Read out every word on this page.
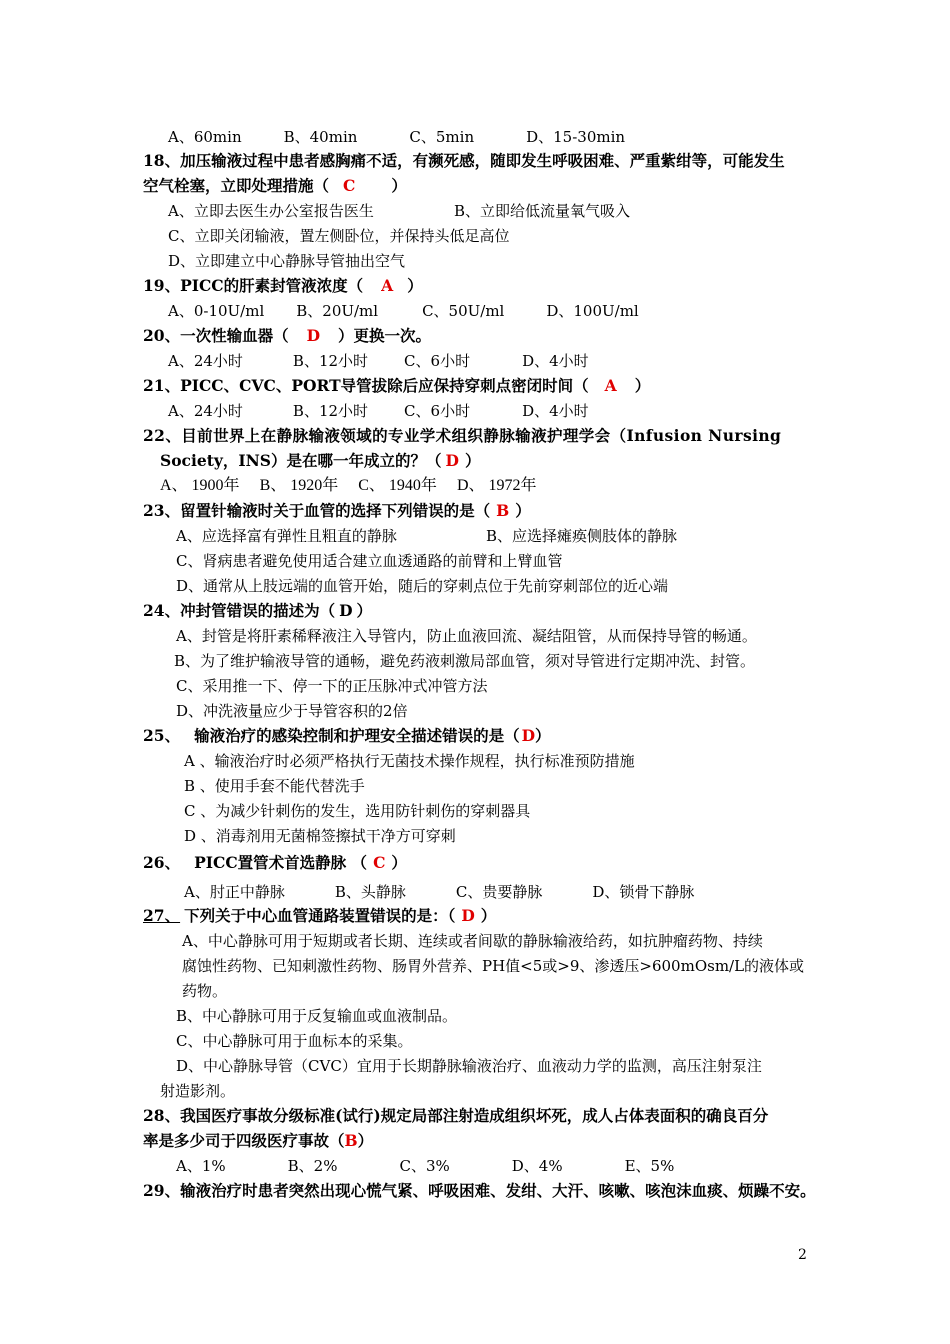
A、60min	B、40min	C、5min	D、15-30min
18、加压输液过程中患者感胸痛不适，有濒死感，随即发生呼吸困难、严重紫绀等，可能发生
空气栓塞，立即处理措施（ C ）
A、立即去医生办公室报告医生	B、立即给低流量氧气吸入
C、立即关闭输液，置左侧卧位，并保持头低足高位
D、立即建立中心静脉导管抽出空气
19、PICC的肝素封管液浓度（ A ）
A、0-10U/ml B、20U/ml	C、50U/ml	D、100U/ml
20、一次性输血器（ D ）更换一次。
A、24小时	B、12小时 C、6小时	D、4小时
21、PICC、CVC、PORT导管拔除后应保持穿刺点密闭时间（ A ）
A、24小时	B、12小时 C、6小时	D、4小时
22、目前世界上在静脉输液领域的专业学术组织静脉输液护理学会（Infusion Nursing
Society，INS）是在哪一年成立的？（ D ）
A、 1900年 B、 1920年 C、 1940年 D、 1972年
23、留置针输液时关于血管的选择下列错误的是（ B ）
A、应选择富有弹性且粗直的静脉	B、应选择瘫痪侧肢体的静脉
C、肾病患者避免使用适合建立血透通路的前臂和上臂血管
D、通常从上肢远端的血管开始，随后的穿刺点位于先前穿刺部位的近心端
24、冲封管错误的描述为（ D ）
A、封管是将肝素稀释液注入导管内，防止血液回流、凝结阻管，从而保持导管的畅通。
B、为了维护输液导管的通畅，避免药液刺激局部血管，须对导管进行定期冲洗、封管。
C、采用推一下、停一下的正压脉冲式冲管方法
D、冲洗液量应少于导管容积的2倍
25、 输液治疗的感染控制和护理安全描述错误的是（ D）
A 、输液治疗时必须严格执行无菌技术操作规程，执行标准预防措施
B 、使用手套不能代替洗手
C 、为减少针刺伤的发生，选用防针刺伤的穿刺器具
D 、消毒剂用无菌棉签擦拭干净方可穿刺
26、 PICC置管术首选静脉 （ C ）
A、肘正中静脉	B、头静脉	C、贵要静脉	D、锁骨下静脉
27、 下列关于中心血管通路装置错误的是：（ D ）
A、中心静脉可用于短期或者长期、连续或者间歇的静脉输液给药，如抗肿瘤药物、持续
腐蚀性药物、已知刺激性药物、肠胃外营养、PH值<5或>9、渗透压>600mOsm/L的液体或
药物。
B、中心静脉可用于反复输血或血液制品。
C、中心静脉可用于血标本的采集。
D、中心静脉导管（CVC）宜用于长期静脉输液治疗、血液动力学的监测，高压注射泵注
射造影剂。
28、我国医疗事故分级标准(试行)规定局部注射造成组织坏死，成人占体表面积的确良百分
率是多少司于四级医疗事故（B）
A、1%	B、2%	C、3%	D、4%	E、5%
29、输液治疗时患者突然出现心慌气紧、呼吸困难、发绀、大汗、咳嗽、咳泡沫血痰、烦躁不安。
2
